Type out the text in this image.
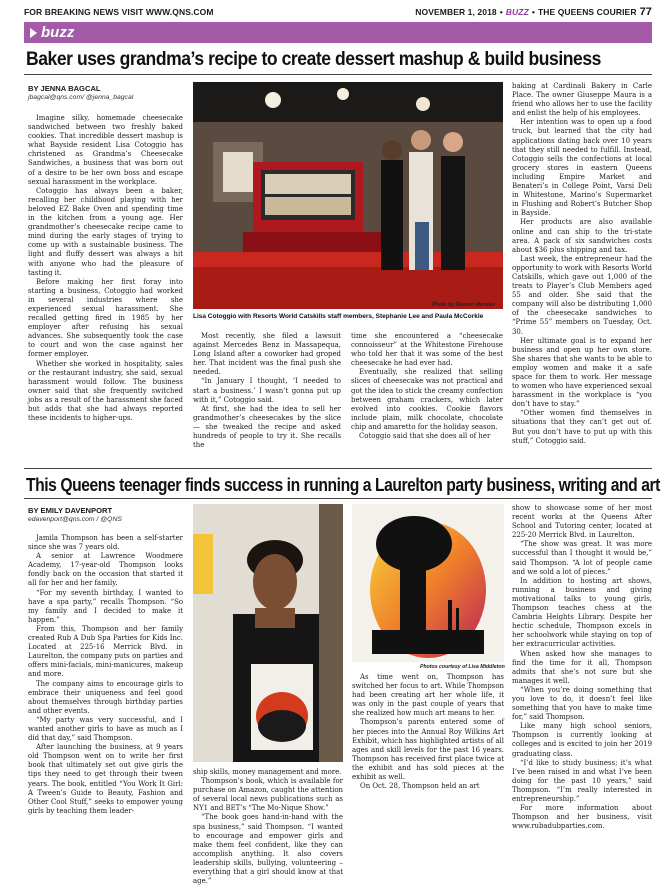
FOR BREAKING NEWS VISIT WWW.QNS.COM	NOVEMBER 1, 2018 • BUZZ • THE QUEENS COURIER 77
buzz
Baker uses grandma’s recipe to create dessert mashup & build business
BY JENNA BAGCAL
jbagcal@qns.com/ @jenna_bagcal

Imagine silky, homemade cheesecake sandwiched between two freshly baked cookies. That incredible dessert mashup is what Bayside resident Lisa Cotoggio has christened as Grandma’s Cheesecake Sandwiches, a business that was born out of a desire to be her own boss and escape sexual harassment in the workplace.

Cotoggio has always been a baker, recalling her childhood playing with her beloved EZ Bake Oven and spending time in the kitchen from a young age. Her grandmother’s cheesecake recipe came to mind during the early stages of trying to come up with a sustainable business. The light and fluffy dessert was always a hit with anyone who had the pleasure of tasting it.

Before making her first foray into starting a business, Cotoggio had worked in several industries where she experienced sexual harassment. She recalled getting fired in 1985 by her employer after refusing his sexual advances. She subsequently took the case to court and won the case against her former employer.

Whether she worked in hospitality, sales or the restaurant industry, she said, sexual harassment would follow. The business owner said that she frequently switched jobs as a result of the harassment she faced but adds that she had always reported these incidents to higher-ups.

Photo by Reuven Morales
Lisa Cotoggio with Resorts World Catskills staff members, Stephanie Lee and Paula McCorkle

Most recently, she filed a lawsuit against Mercedes Benz in Massapequa, Long Island after a coworker had groped her. That incident was the final push she needed.

“In January I thought, ‘I needed to start a business.’ I wasn’t gonna put up with it,” Cotoggio said.

At first, she had the idea to sell her grandmother’s cheesecakes by the slice — she tweaked the recipe and asked hundreds of people to try it. She recalls the

time she encountered a “cheesecake connoisseur” at the Whitestone Firehouse who told her that it was some of the best cheesecake he had ever had.

Eventually, she realized that selling slices of cheesecake was not practical and got the idea to stick the creamy confection between graham crackers, which later evolved into cookies. Cookie flavors include plain, milk chocolate, chocolate chip and amaretto for the holiday season.

Cotoggio said that she does all of her

baking at Cardinali Bakery in Carle Place. The owner Giuseppe Maura is a friend who allows her to use the facility and enlist the help of his employees.

Her intention was to open up a food truck, but learned that the city had applications dating back over 10 years that they still needed to fulfill. Instead, Cotoggio sells the confections at local grocery stores in eastern Queens including Empire Market and Benateri’s in College Point, Varsi Deli in Whitestone, Marino’s Supermarket in Flushing and Robert’s Butcher Shop in Bayside.

Her products are also available online and can ship to the tri-state area. A pack of six sandwiches costs about $36 plus shipping and tax.

Last week, the entrepreneur had the opportunity to work with Resorts World Catskills, which gave out 1,000 of the treats to Player’s Club Members aged 55 and older. She said that the company will also be distributing 1,000 of the cheesecake sandwiches to “Prime 55” members on Tuesday, Oct. 30.

Her ultimate goal is to expand her business and open up her own store. She shares that she wants to be able to employ women and make it a safe space for them to work. Her message to women who have experienced sexual harassment in the workplace is “you don’t have to stay.”

“Other women find themselves in situations that they can’t get out of. But you don’t have to put up with this stuff,” Cotoggio said.

This Queens teenager finds success in running a Laurelton party business, writing and art
BY EMILY DAVENPORT
edavenport@qns.com / @QNS

Jamila Thompson has been a self-starter since she was 7 years old.

A senior at Lawrence Woodmere Academy, 17-year-old Thompson looks fondly back on the occasion that started it all for her and her family.

“For my seventh birthday, I wanted to have a spa party,” recalls Thompson. “So my family and I decided to make it happen.”

From this, Thompson and her family created Rub A Dub Spa Parties for Kids Inc. Located at 225-16 Merrick Blvd. in Laurelton, the company puts on parties and offers mini-facials, mini-manicures, makeup and more.

The company aims to encourage girls to embrace their uniqueness and feel good about themselves through birthday parties and other events.

“My party was very successful, and I wanted another girls to have as much as I did that day,” said Thompson.

After launching the business, at 9 years old Thompson went on to write her first book that ultimately set out give girls the tips they need to get through their tween years. The book, entitled “You Work It Girl: A Tween’s Guide to Beauty, Fashion and Other Cool Stuff,” seeks to empower young girls by teaching them leader-

Photos courtesy of Lisa Middleton

ship skills, money management and more.

Thompson’s book, which is available for purchase on Amazon, caught the attention of several local news publications such as NY1 and BET’s “The Mo-Nique Show.”

“The book goes hand-in-hand with the spa business,” said Thompson. “I wanted to encourage and empower girls and make them feel confident, like they can accomplish anything. It also covers leadership skills, bullying, volunteering – everything that a girl should know at that age.”

As time went on, Thompson has switched her focus to art. While Thompson had been creating art her whole life, it was only in the past couple of years that she realized how much art means to her.

Thompson’s parents entered some of her pieces into the Annual Roy Wilkins Art Exhibit, which has highlighted artists of all ages and skill levels for the past 16 years. Thompson has received first place twice at the exhibit and has sold pieces at the exhibit as well.

On Oct. 28, Thompson held an art

show to showcase some of her most recent works at the Queens After School and Tutoring center, located at 225-20 Merrick Blvd. in Laurelton.

“The show was great. It was more successful than I thought it would be,” said Thompson. “A lot of people came and we sold a lot of pieces.”

In addition to hosting art shows, running a business and giving motivational talks to young girls, Thompson teaches chess at the Cambria Heights Library. Despite her hectic schedule, Thompson excels in her schoolwork while staying on top of her extracurricular activities.

When asked how she manages to find the time for it all, Thompson admits that she’s not sure but she manages it well.

“When you’re doing something that you love to do, it doesn’t feel like something that you have to make time for,” said Thompson.

Like many high school seniors, Thompson is currently looking at colleges and is excited to join her 2019 graduating class.

“I’d like to study business; it’s what I’ve been raised in and what I’ve been doing for the past 10 years,” said Thompson. “I’m really interested in entrepreneurship.”

For more information about Thompson and her business, visit www.rubadubparties.com.
